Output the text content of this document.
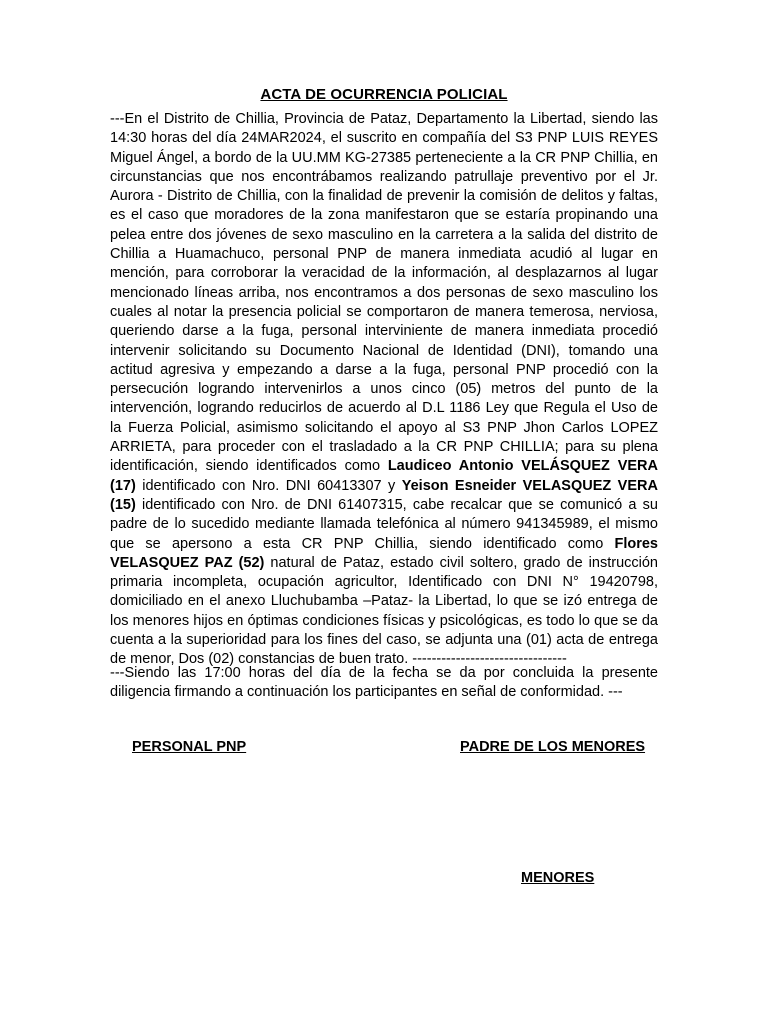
ACTA DE OCURRENCIA POLICIAL

---En el Distrito de Chillia, Provincia de Pataz, Departamento la Libertad, siendo las 14:30 horas del día 24MAR2024, el suscrito en compañía del S3 PNP LUIS REYES Miguel Ángel, a bordo de la UU.MM KG-27385 perteneciente a la CR PNP Chillia, en circunstancias que nos encontrábamos realizando patrullaje preventivo por el Jr. Aurora - Distrito de Chillia, con la finalidad de prevenir la comisión de delitos y faltas, es el caso que moradores de la zona manifestaron que se estaría propinando una pelea entre dos jóvenes de sexo masculino en la carretera a la salida del distrito de Chillia a Huamachuco, personal PNP de manera inmediata acudió al lugar en mención, para corroborar la veracidad de la información, al desplazarnos al lugar mencionado líneas arriba, nos encontramos a dos personas de sexo masculino los cuales al notar la presencia policial se comportaron de manera temerosa, nerviosa, queriendo darse a la fuga, personal interviniente de manera inmediata procedió intervenir solicitando su Documento Nacional de Identidad (DNI), tomando una actitud agresiva y empezando a darse a la fuga, personal PNP procedió con la persecución logrando intervenirlos a unos cinco (05) metros del punto de la intervención, logrando reducirlos de acuerdo al D.L 1186 Ley que Regula el Uso de la Fuerza Policial, asimismo solicitando el apoyo al S3 PNP Jhon Carlos LOPEZ ARRIETA, para proceder con el trasladado a la CR PNP CHILLIA; para su plena identificación, siendo identificados como Laudiceo Antonio VELÁSQUEZ VERA (17) identificado con Nro. DNI 60413307 y Yeison Esneider VELASQUEZ VERA (15) identificado con Nro. de DNI 61407315, cabe recalcar que se comunicó a su padre de lo sucedido mediante llamada telefónica al número 941345989, el mismo que se apersono a esta CR PNP Chillia, siendo identificado como Flores VELASQUEZ PAZ (52) natural de Pataz, estado civil soltero, grado de instrucción primaria incompleta, ocupación agricultor, Identificado con DNI N° 19420798, domiciliado en el anexo Lluchubamba –Pataz- la Libertad, lo que se izó entrega de los menores hijos en óptimas condiciones físicas y psicológicas, es todo lo que se da cuenta a la superioridad para los fines del caso, se adjunta una (01) acta de entrega de menor, Dos (02) constancias de buen trato. --------------------------------

---Siendo las 17:00 horas del día de la fecha se da por concluida la presente diligencia firmando a continuación los participantes en señal de conformidad. ---

PERSONAL PNP	PADRE DE LOS MENORES
MENORES
